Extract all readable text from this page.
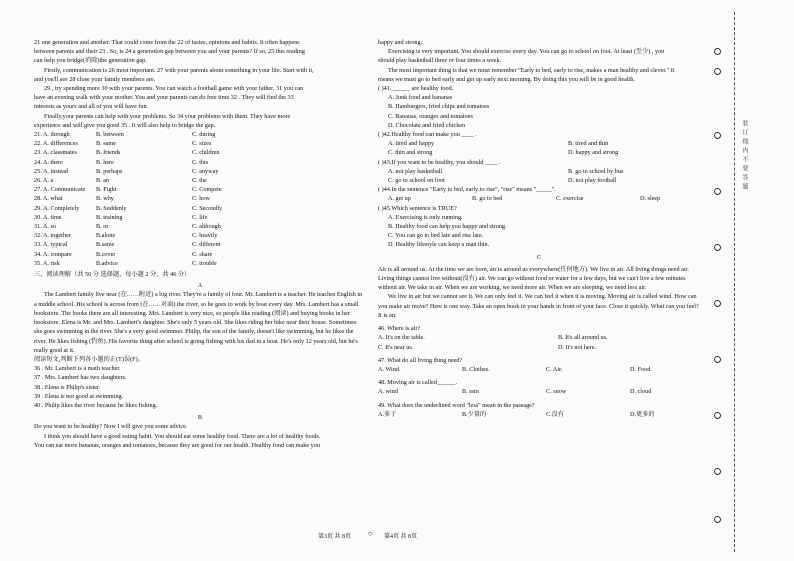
21 one generation and another. That could come from the 22 of tastes, opinions and habits. It often happens

between parents and their 23 . So, is 24 a generation gap between you and your parents? If so, 25 this reading

can help you bridge(消除)the generation gap.

Firstly, communication is 26 most important. 27 with your parents about something in your life. Start with it,

and you'll see 28 close your family members are.

29 , try spending more 30 with your parents. You can watch a football game with your father, 31 you can

have an evening walk with your mother. You and your parents can do free time 32 . They will find the 33

interests as yours and all of you will have fun.

Finally,your parents can help with your problems. So 34 your problems with them. They have more

experience and will give you good 35 . It will also help to bridge the gap.

21. A. through	B. between	C. during
22. A. differences	B. same	C. sizes
23. A. classmates	B. friends	C. children
24. A. there	B. here	C. this
25. A. instead	B. perhaps	C. anyway
26. A. a	B. an	C. the
27. A. Communicate	B. Fight	C. Compete
28. A. what	B. why	C. how
29. A. Completely	B. Suddenly	C. Secondly
30. A. time	B. training	C. life
31. A. so	B. or	C. although
32. A. together	B.alone	C. heavily
33. A. typical	B.same	C. different
34. A. compare	B.cover	C. share
35. A. risk	B.advice	C. trouble

三、阅读理解（共 50 分 选择题，每小题 2 分，共 46 分）

A

The Lambert family live near (在……附近) a big river. They're a family of four. Mr. Lambert is a teacher. He teaches English in a middle school. His school is across from (在……对面) the river, so he goes to work by boat every day. Mrs. Lambert has a small bookstore. The books there are all interesting. Mrs. Lambert is very nice, so people like reading (阅读) and buying books in her bookstore. Elena is Mr. and Mrs. Lambert's daughter. She's only 5 years old. She likes riding her bike near their house. Sometimes she goes swimming in the river. She's a very good swimmer. Philip, the son of the family, doesn't like swimming, but he likes the river. He likes fishing (钓鱼). His favorite thing after school is going fishing with his dad in a boat. He's only 12 years old, but he's really good at it.

阅读短文,判断下列各小题的正(T)误(F)。

36 . Mr. Lambert is a math teacher.

37 . Mrs. Lambert has two daughters.

38 . Elena is Philip's sister.

39 . Elena is not good at swimming.

40 . Philip likes the river because he likes fishing.

B

Do you want to be healthy? Now I will give you some advice.

I think you should have a good eating habit. You should eat some healthy food. There are a lot of healthy foods.

You can eat more bananas, oranges and tomatoes, because they are good for our health. Healthy food can make you

happy and strong.

Exercising is very important. You should exercise every day. You can go to school on foot. At least (至少) , you

should play basketball three or four times a week.

The most important thing is that we must remember "Early to bed, early to rise, makes a man healthy and clever." It

means we must go to bed early and get up early next morning. By doing this you will be in good health.

( )41.______ are healthy food.

A. Junk food and bananas

B. Hamburgers, fried chips and tomatoes

C. Bananas, oranges and tomatoes

D. Chocolate and fried chicken

( )42.Healthy food can make you ____ .

A. tired and happy	B. tired and thin
C. thin and strong	D. happy and strong

( )43.If you want to be healthy, you should ____ .

A. not play basketball	B. go to school by bus
C. go to school on foot	D. not play football

( )44.In the sentence "Early to bed, early to rise", "rise" means "_____".

A. get up	B. go to bed	C. exercise	D. sleep

( )45.Which sentence is TRUE?

A. Exercising is only running.

B. Healthy food can help you happy and strong.

C. You can go to bed late and rise late.

D. Healthy lifestyle can keep a man thin.

C

Air is all around us. At the time we are born, air is around us everywhere(任何地方). We live in air. All living things need air. Living things cannot live without(没有) air. We can go without food or water for a few days, but we can't live a few minutes without air. We take in air. When we are working, we need more air. When we are sleeping, we need less air.

We live in air but we cannot see it. We can only feel it. We can feel it when it is moving. Moving air is called wind. How can you make air move? Here is one way. Take an open book in your hands in front of your face. Close it quickly. What can you feel? It is air.

46. Where is air?

A. It's on the table.	B. It's all around us.
C. It's near us.	D. It's not here.

47. What do all living thing need?

A. Wind.	B. Clothes.	C. Air.	D. Food.

48. Moving air is called______.

A. wind	B. rain	C. snow	D. cloud

49. What does the underlined word "less" mean in the passage?

A.多于	B.少量的	C.没有	D.更多的
第3页 共 8页 ○ 第4页 共 8页
装订线内不要答题
